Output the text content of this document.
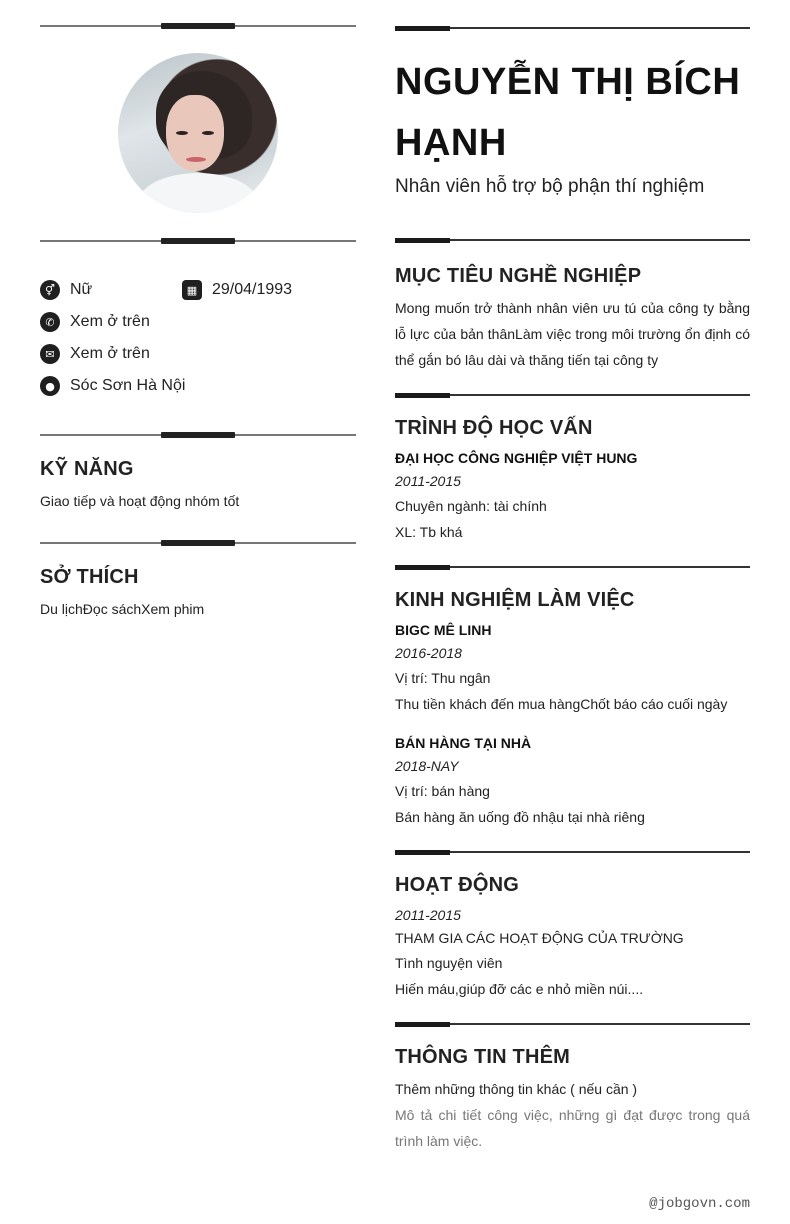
⚥ Nữ	▦ 29/04/1993
✆ Xem ở trên
✉ Xem ở trên
● Sóc Sơn Hà Nội
KỸ NĂNG
Giao tiếp và hoạt động nhóm tốt
SỞ THÍCH
Du lịchĐọc sáchXem phim
NGUYỄN THỊ BÍCH HẠNH
Nhân viên hỗ trợ bộ phận thí nghiệm
MỤC TIÊU NGHỀ NGHIỆP
Mong muốn trở thành nhân viên ưu tú của công ty bằng lỗ lực của bản thânLàm việc trong môi trường ổn định có thể gắn bó lâu dài và thăng tiến tại công ty
TRÌNH ĐỘ HỌC VẤN
ĐẠI HỌC CÔNG NGHIỆP VIỆT HUNG
2011-2015
Chuyên ngành: tài chính
XL: Tb khá
KINH NGHIỆM LÀM VIỆC
BIGC MÊ LINH
2016-2018
Vị trí: Thu ngân
Thu tiền khách đến mua hàngChốt báo cáo cuối ngày
BÁN HÀNG TẠI NHÀ
2018-NAY
Vị trí: bán hàng
Bán hàng ăn uống đồ nhậu tại nhà riêng
HOẠT ĐỘNG
2011-2015
THAM GIA CÁC HOẠT ĐỘNG CỦA TRƯỜNG
Tình nguyện viên
Hiến máu,giúp đỡ các e nhỏ miền núi....
THÔNG TIN THÊM
Thêm những thông tin khác ( nếu cần )
Mô tả chi tiết công việc, những gì đạt được trong quá trình làm việc.
@jobgovn.com
